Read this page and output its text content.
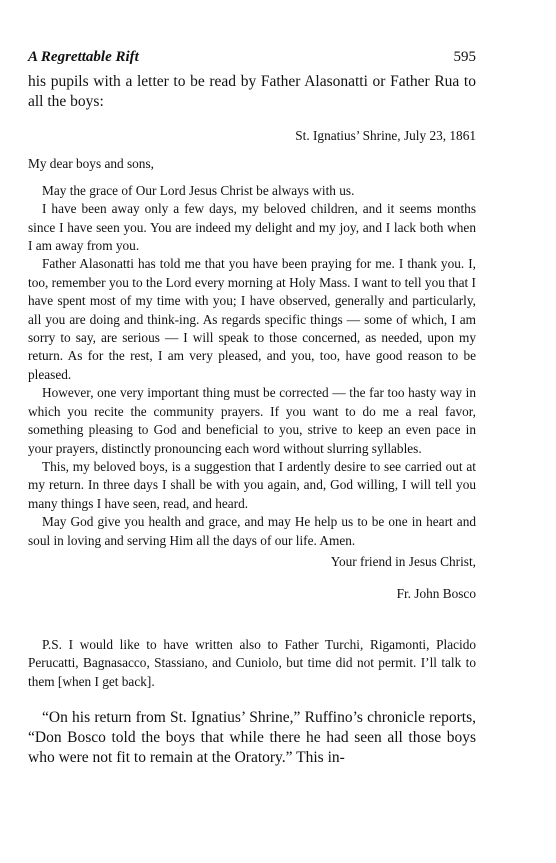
A Regrettable Rift	595

his pupils with a letter to be read by Father Alasonatti or Father Rua to all the boys:

St. Ignatius’ Shrine, July 23, 1861

My dear boys and sons,

May the grace of Our Lord Jesus Christ be always with us.

I have been away only a few days, my beloved children, and it seems months since I have seen you. You are indeed my delight and my joy, and I lack both when I am away from you.

Father Alasonatti has told me that you have been praying for me. I thank you. I, too, remember you to the Lord every morning at Holy Mass. I want to tell you that I have spent most of my time with you; I have observed, generally and particularly, all you are doing and think-ing. As regards specific things — some of which, I am sorry to say, are serious — I will speak to those concerned, as needed, upon my return. As for the rest, I am very pleased, and you, too, have good reason to be pleased.

However, one very important thing must be corrected — the far too hasty way in which you recite the community prayers. If you want to do me a real favor, something pleasing to God and beneficial to you, strive to keep an even pace in your prayers, distinctly pronouncing each word without slurring syllables.

This, my beloved boys, is a suggestion that I ardently desire to see carried out at my return. In three days I shall be with you again, and, God willing, I will tell you many things I have seen, read, and heard.

May God give you health and grace, and may He help us to be one in heart and soul in loving and serving Him all the days of our life. Amen.

Your friend in Jesus Christ,

Fr. John Bosco

P.S. I would like to have written also to Father Turchi, Rigamonti, Placido Perucatti, Bagnasacco, Stassiano, and Cuniolo, but time did not permit. I’ll talk to them [when I get back].

“On his return from St. Ignatius’ Shrine,” Ruffino’s chronicle reports, “Don Bosco told the boys that while there he had seen all those boys who were not fit to remain at the Oratory.” This in-
